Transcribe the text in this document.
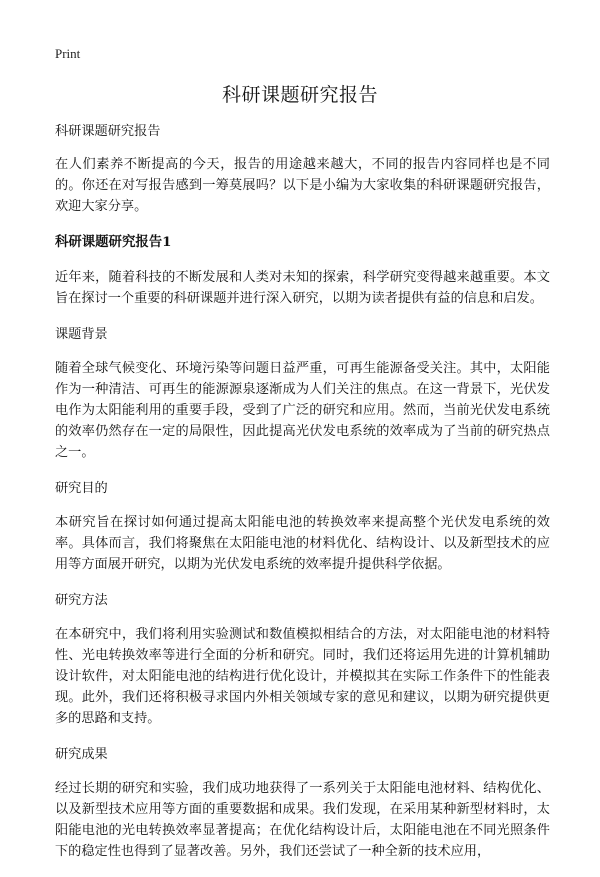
Print
科研课题研究报告

科研课题研究报告

在人们素养不断提高的今天，报告的用途越来越大，不同的报告内容同样也是不同的。你还在对写报告感到一筹莫展吗？以下是小编为大家收集的科研课题研究报告，欢迎大家分享。

科研课题研究报告1

近年来，随着科技的不断发展和人类对未知的探索，科学研究变得越来越重要。本文旨在探讨一个重要的科研课题并进行深入研究，以期为读者提供有益的信息和启发。

课题背景

随着全球气候变化、环境污染等问题日益严重，可再生能源备受关注。其中，太阳能作为一种清洁、可再生的能源源泉逐渐成为人们关注的焦点。在这一背景下，光伏发电作为太阳能利用的重要手段，受到了广泛的研究和应用。然而，当前光伏发电系统的效率仍然存在一定的局限性，因此提高光伏发电系统的效率成为了当前的研究热点之一。

研究目的

本研究旨在探讨如何通过提高太阳能电池的转换效率来提高整个光伏发电系统的效率。具体而言，我们将聚焦在太阳能电池的材料优化、结构设计、以及新型技术的应用等方面展开研究，以期为光伏发电系统的效率提升提供科学依据。

研究方法

在本研究中，我们将利用实验测试和数值模拟相结合的方法，对太阳能电池的材料特性、光电转换效率等进行全面的分析和研究。同时，我们还将运用先进的计算机辅助设计软件，对太阳能电池的结构进行优化设计，并模拟其在实际工作条件下的性能表现。此外，我们还将积极寻求国内外相关领域专家的意见和建议，以期为研究提供更多的思路和支持。

研究成果

经过长期的研究和实验，我们成功地获得了一系列关于太阳能电池材料、结构优化、以及新型技术应用等方面的重要数据和成果。我们发现，在采用某种新型材料时，太阳能电池的光电转换效率显著提高；在优化结构设计后，太阳能电池在不同光照条件下的稳定性也得到了显著改善。另外，我们还尝试了一种全新的技术应用，
